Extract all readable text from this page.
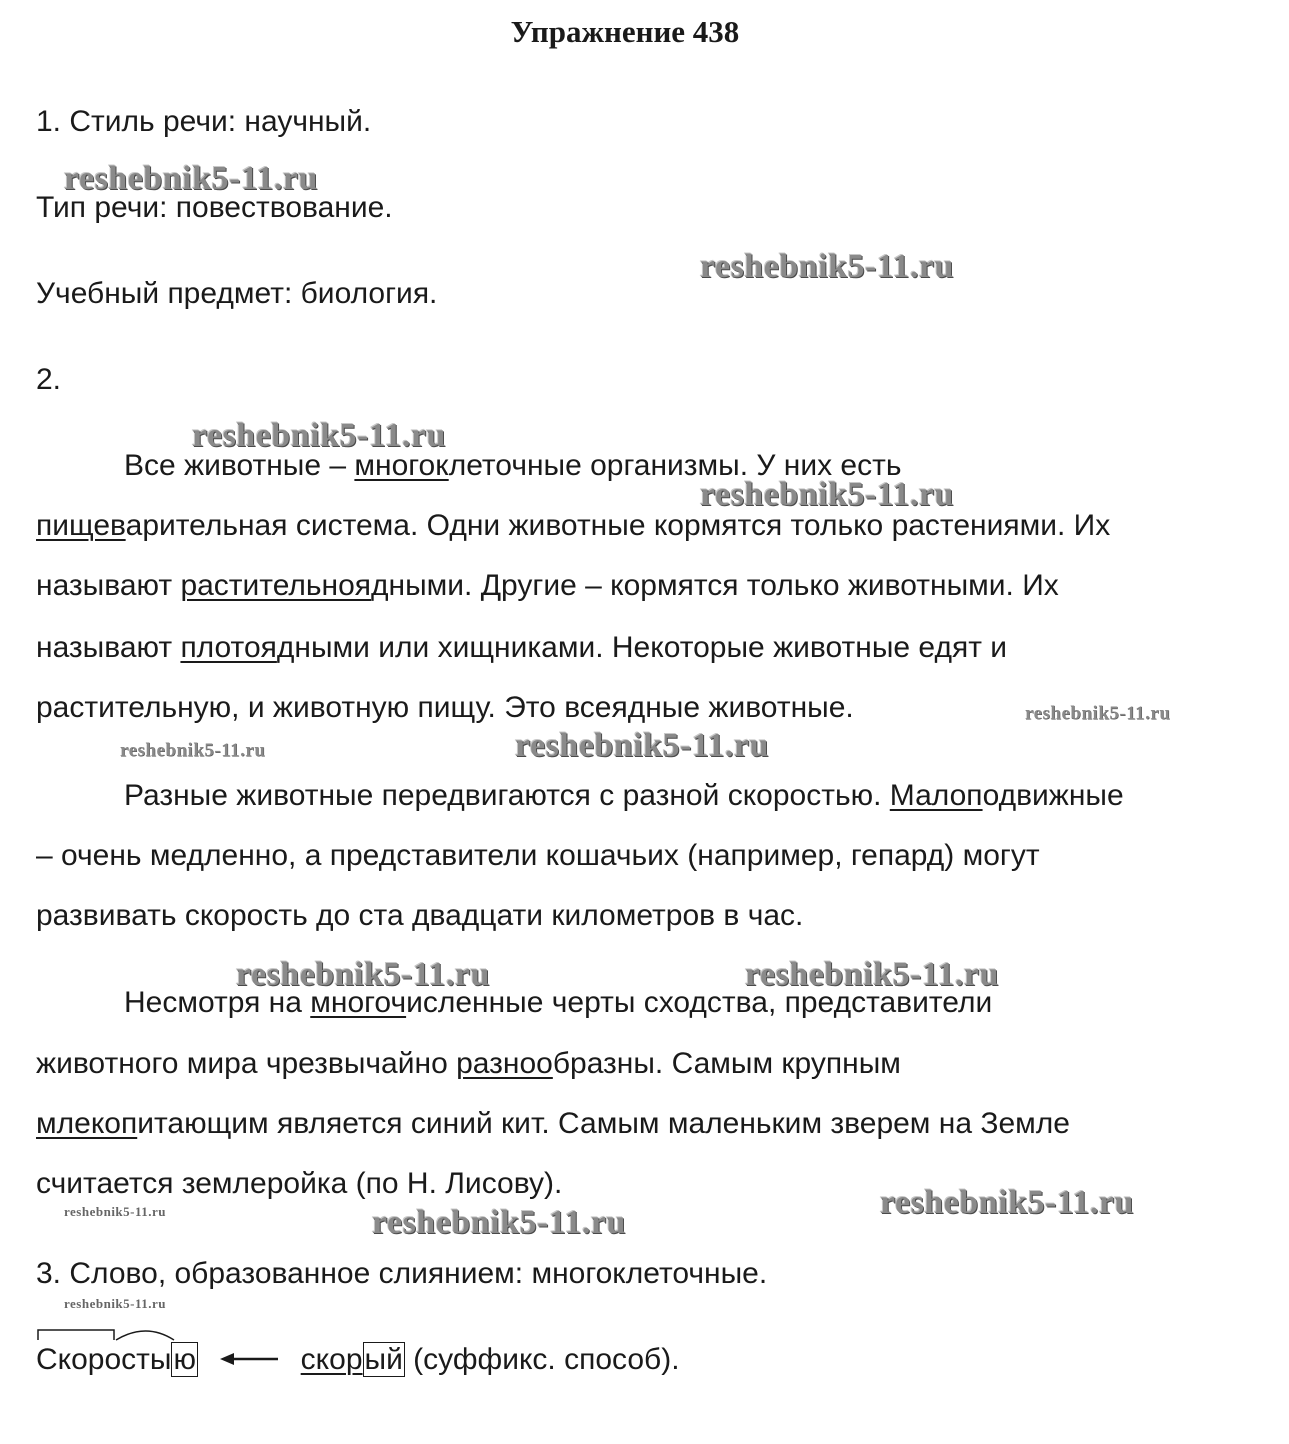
Упражнение 438
1. Стиль речи: научный.
Тип речи: повествование.
Учебный предмет: биология.
2.
Все животные – многоклеточные организмы. У них есть
пищеварительная система. Одни животные кормятся только растениями. Их
называют растительноядными. Другие – кормятся только животными. Их
называют плотоядными или хищниками. Некоторые животные едят и
растительную, и животную пищу. Это всеядные животные.
Разные животные передвигаются с разной скоростью. Малоподвижные
– очень медленно, а представители кошачьих (например, гепард) могут
развивать скорость до ста двадцати километров в час.
Несмотря на многочисленные черты сходства, представители
животного мира чрезвычайно разнообразны. Самым крупным
млекопитающим является синий кит. Самым маленьким зверем на Земле
считается землеройка (по Н. Лисову).
3. Слово, образованное слиянием: многоклеточные.
Скоростыю	скорый (суффикс. способ).
reshebnik5-11.ru
reshebnik5-11.ru
reshebnik5-11.ru
reshebnik5-11.ru
reshebnik5-11.ru
reshebnik5-11.ru	reshebnik5-11.ru
reshebnik5-11.ru	reshebnik5-11.ru
reshebnik5-11.ru
reshebnik5-11.ru	reshebnik5-11.ru
reshebnik5-11.ru
